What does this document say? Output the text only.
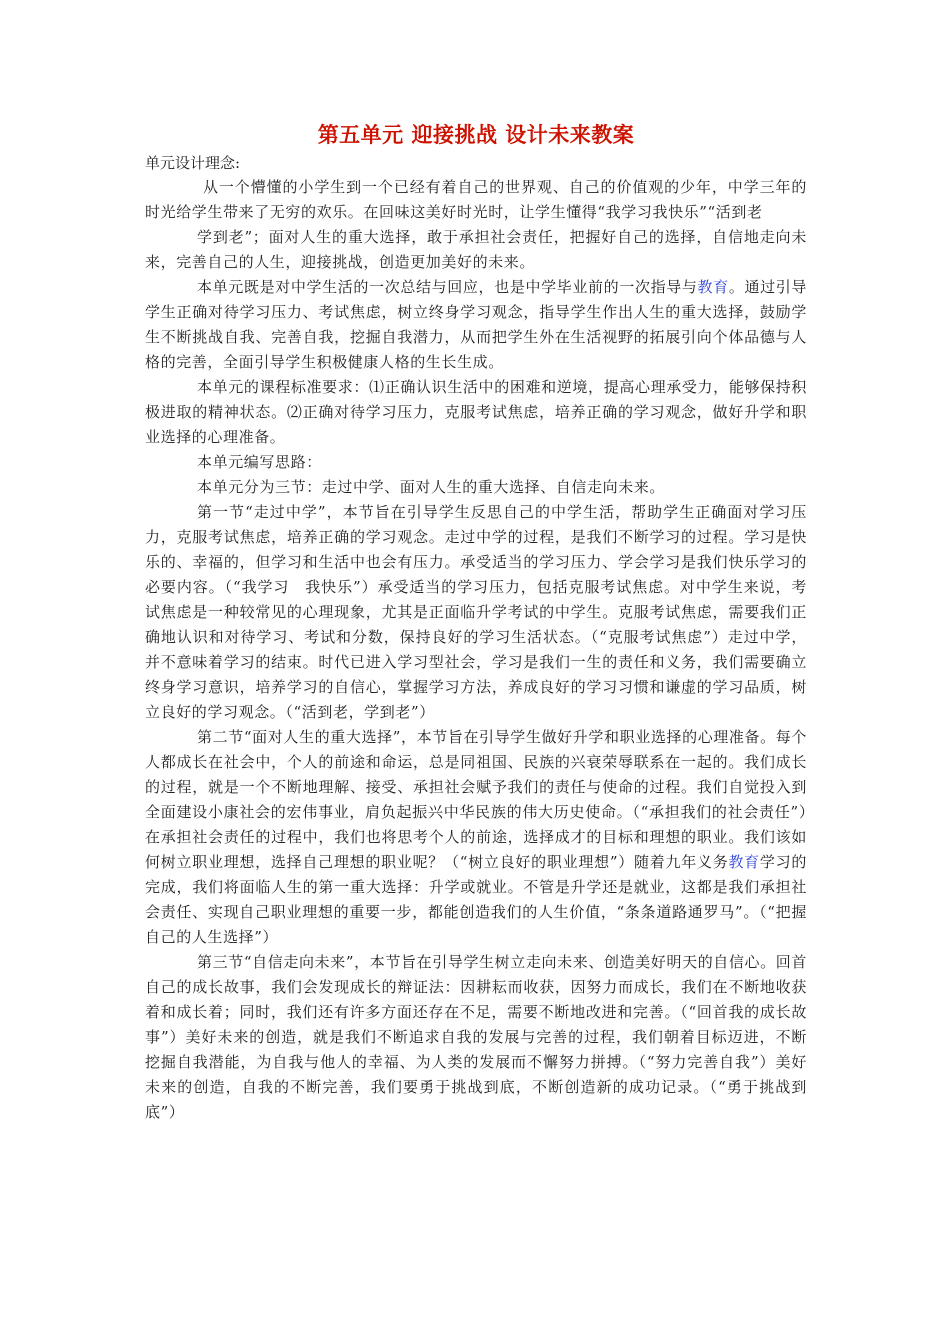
第五单元 迎接挑战 设计未来教案
单元设计理念:

从一个懵懂的小学生到一个已经有着自己的世界观、自己的价值观的少年，中学三年的时光给学生带来了无穷的欢乐。在回味这美好时光时，让学生懂得“我学习我快乐”“活到老

学到老”；面对人生的重大选择，敢于承担社会责任，把握好自己的选择，自信地走向未来，完善自己的人生，迎接挑战，创造更加美好的未来。

本单元既是对中学生活的一次总结与回应，也是中学毕业前的一次指导与教育。通过引导学生正确对待学习压力、考试焦虑，树立终身学习观念，指导学生作出人生的重大选择，鼓励学生不断挑战自我、完善自我，挖掘自我潜力，从而把学生外在生活视野的拓展引向个体品德与人格的完善，全面引导学生积极健康人格的生长生成。

本单元的课程标准要求：⑴正确认识生活中的困难和逆境，提高心理承受力，能够保持积极进取的精神状态。⑵正确对待学习压力，克服考试焦虑，培养正确的学习观念，做好升学和职业选择的心理准备。

本单元编写思路：

本单元分为三节：走过中学、面对人生的重大选择、自信走向未来。

第一节“走过中学”，本节旨在引导学生反思自己的中学生活，帮助学生正确面对学习压力，克服考试焦虑，培养正确的学习观念。走过中学的过程，是我们不断学习的过程。学习是快乐的、幸福的，但学习和生活中也会有压力。承受适当的学习压力、学会学习是我们快乐学习的必要内容。（“我学习　我快乐”）承受适当的学习压力，包括克服考试焦虑。对中学生来说，考试焦虑是一种较常见的心理现象，尤其是正面临升学考试的中学生。克服考试焦虑，需要我们正确地认识和对待学习、考试和分数，保持良好的学习生活状态。（“克服考试焦虑”）走过中学，并不意味着学习的结束。时代已进入学习型社会，学习是我们一生的责任和义务，我们需要确立终身学习意识，培养学习的自信心，掌握学习方法，养成良好的学习习惯和谦虚的学习品质，树立良好的学习观念。（“活到老，学到老”）

第二节“面对人生的重大选择”，本节旨在引导学生做好升学和职业选择的心理准备。每个人都成长在社会中，个人的前途和命运，总是同祖国、民族的兴衰荣辱联系在一起的。我们成长的过程，就是一个不断地理解、接受、承担社会赋予我们的责任与使命的过程。我们自觉投入到全面建设小康社会的宏伟事业，肩负起振兴中华民族的伟大历史使命。（“承担我们的社会责任”）在承担社会责任的过程中，我们也将思考个人的前途，选择成才的目标和理想的职业。我们该如何树立职业理想，选择自己理想的职业呢？（“树立良好的职业理想”）随着九年义务教育学习的完成，我们将面临人生的第一重大选择：升学或就业。不管是升学还是就业，这都是我们承担社会责任、实现自己职业理想的重要一步，都能创造我们的人生价值，“条条道路通罗马”。（“把握自己的人生选择”）

第三节“自信走向未来”，本节旨在引导学生树立走向未来、创造美好明天的自信心。回首自己的成长故事，我们会发现成长的辩证法：因耕耘而收获，因努力而成长，我们在不断地收获着和成长着；同时，我们还有许多方面还存在不足，需要不断地改进和完善。（“回首我的成长故事”）美好未来的创造，就是我们不断追求自我的发展与完善的过程，我们朝着目标迈进，不断挖掘自我潜能，为自我与他人的幸福、为人类的发展而不懈努力拼搏。（“努力完善自我”）美好未来的创造，自我的不断完善，我们要勇于挑战到底，不断创造新的成功记录。（“勇于挑战到底”）
